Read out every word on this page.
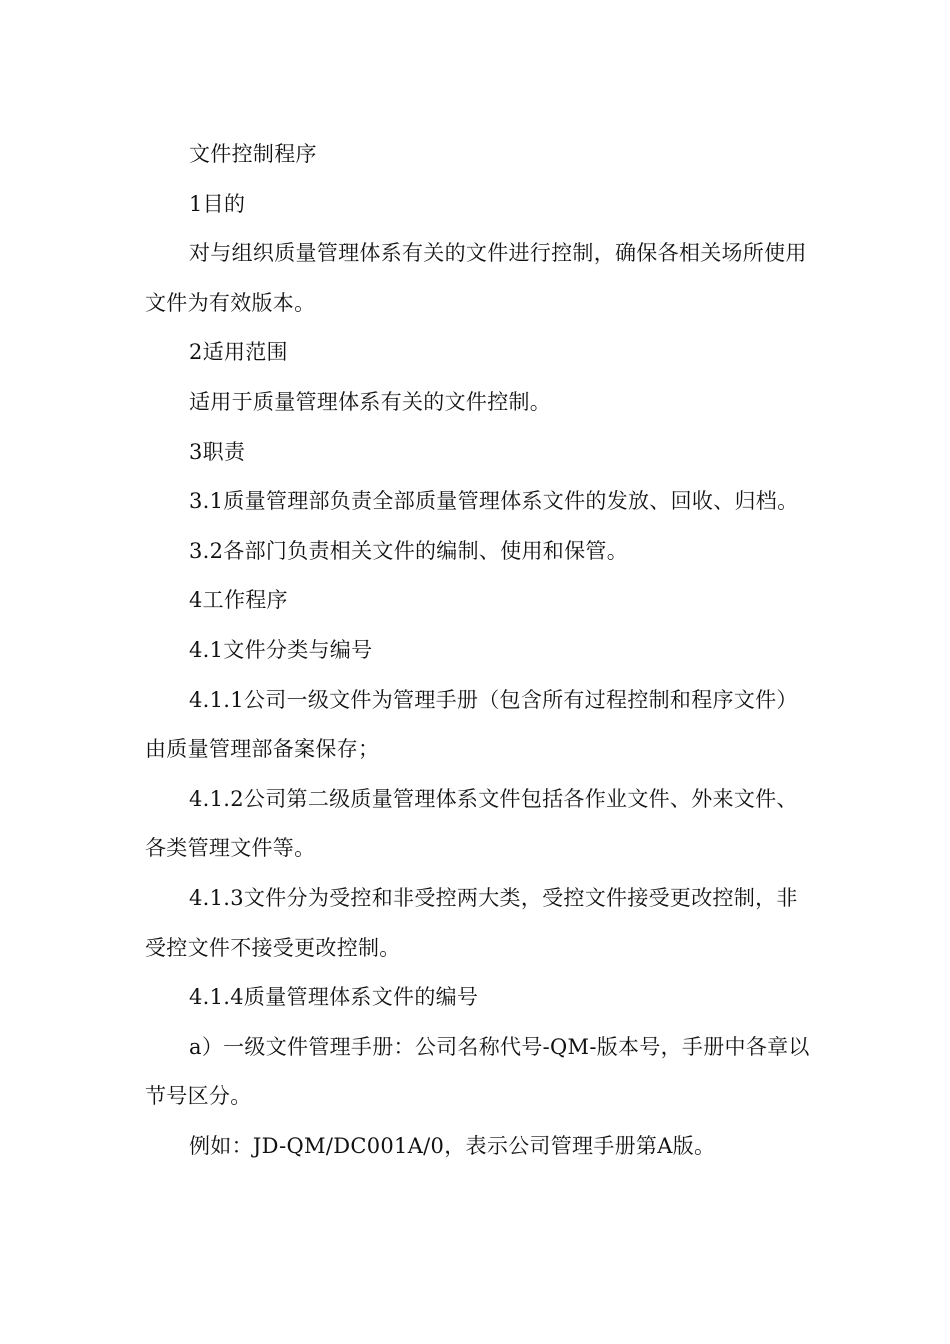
文件控制程序

1目的

对与组织质量管理体系有关的文件进行控制，确保各相关场所使用文件为有效版本。

2适用范围

适用于质量管理体系有关的文件控制。

3职责

3.1质量管理部负责全部质量管理体系文件的发放、回收、归档。

3.2各部门负责相关文件的编制、使用和保管。

4工作程序

4.1文件分类与编号

4.1.1公司一级文件为管理手册（包含所有过程控制和程序文件）由质量管理部备案保存；

4.1.2公司第二级质量管理体系文件包括各作业文件、外来文件、各类管理文件等。

4.1.3文件分为受控和非受控两大类，受控文件接受更改控制，非受控文件不接受更改控制。

4.1.4质量管理体系文件的编号

a）一级文件管理手册：公司名称代号-QM-版本号，手册中各章以节号区分。

例如：JD-QM/DC001A/0，表示公司管理手册第A版。
